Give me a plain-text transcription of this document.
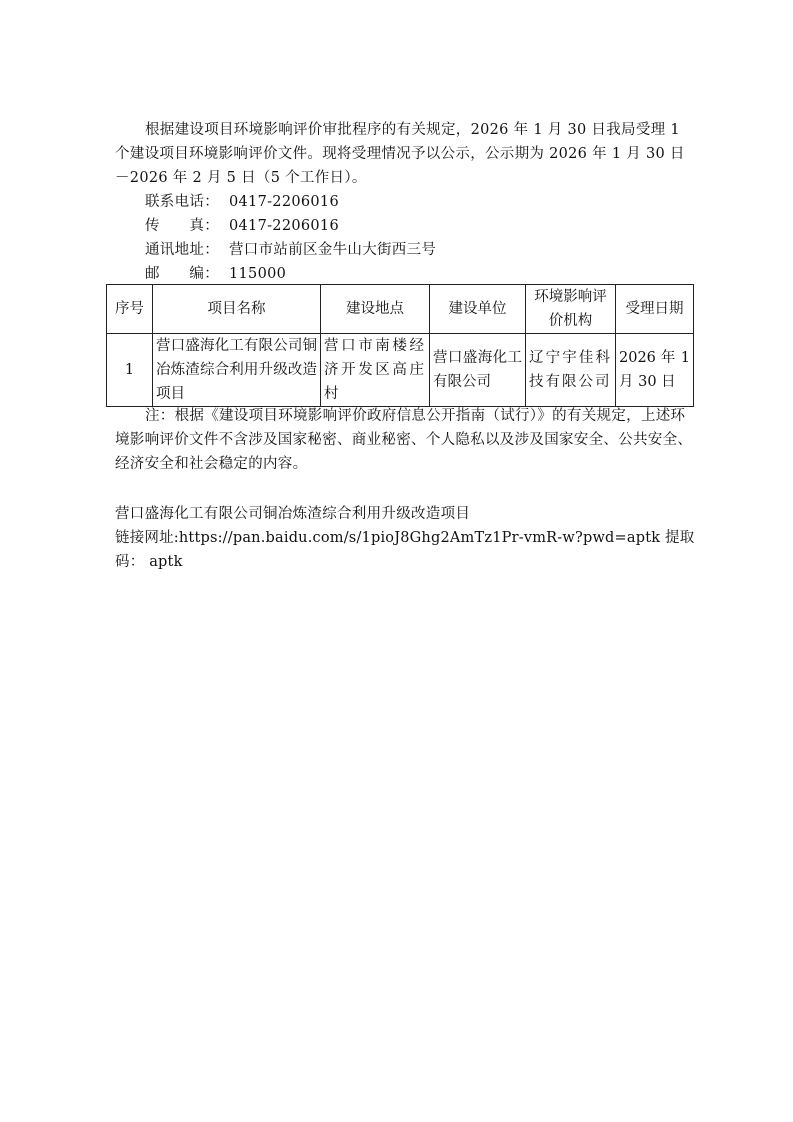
根据建设项目环境影响评价审批程序的有关规定，2026 年 1 月 30 日我局受理 1 个建设项目环境影响评价文件。现将受理情况予以公示，公示期为 2026 年 1 月 30 日－2026 年 2 月 5 日（5 个工作日）。
联系电话： 0417-2206016
传　　真： 0417-2206016
通讯地址： 营口市站前区金牛山大街西三号
邮　　编： 115000
序号	项目名称	建设地点	建设单位	环境影响评价机构	受理日期
1	营口盛海化工有限公司铜冶炼渣综合利用升级改造项目	营口市南楼经济开发区高庄村	营口盛海化工有限公司	辽宁宇佳科技有限公司	2026 年 1 月 30 日
注：根据《建设项目环境影响评价政府信息公开指南（试行）》的有关规定，上述环境影响评价文件不含涉及国家秘密、商业秘密、个人隐私以及涉及国家安全、公共安全、经济安全和社会稳定的内容。
营口盛海化工有限公司铜冶炼渣综合利用升级改造项目
链接网址:https://pan.baidu.com/s/1pioJ8Ghg2AmTz1Pr-vmR-w?pwd=aptk 提取码： aptk
